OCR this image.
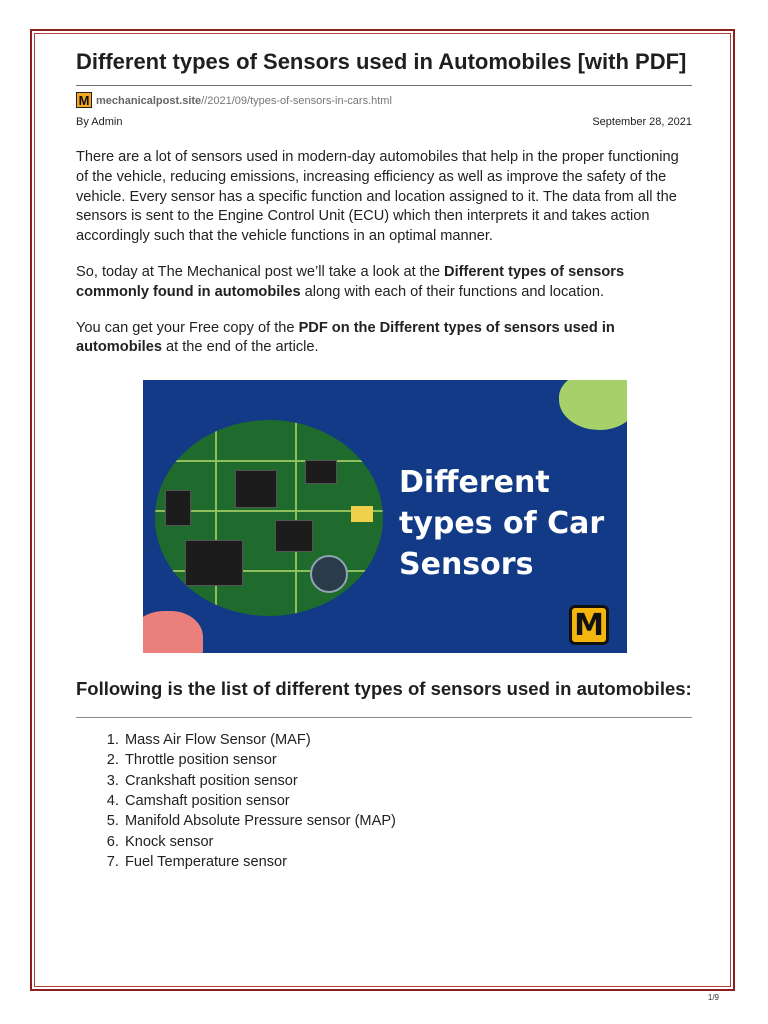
Different types of Sensors used in Automobiles [with PDF]
M mechanicalpost.site//2021/09/types-of-sensors-in-cars.html
By Admin	September 28, 2021

There are a lot of sensors used in modern-day automobiles that help in the proper functioning of the vehicle, reducing emissions, increasing efficiency as well as improve the safety of the vehicle. Every sensor has a specific function and location assigned to it. The data from all the sensors is sent to the Engine Control Unit (ECU) which then interprets it and takes action accordingly such that the vehicle functions in an optimal manner.

So, today at The Mechanical post we’ll take a look at the Different types of sensors commonly found in automobiles along with each of their functions and location.

You can get your Free copy of the PDF on the Different types of sensors used in automobiles at the end of the article.

Different
types of Car
Sensors
M
Following is the list of different types of sensors used in automobiles:
1. Mass Air Flow Sensor (MAF)
2. Throttle position sensor
3. Crankshaft position sensor
4. Camshaft position sensor
5. Manifold Absolute Pressure sensor (MAP)
6. Knock sensor
7. Fuel Temperature sensor
1/9
